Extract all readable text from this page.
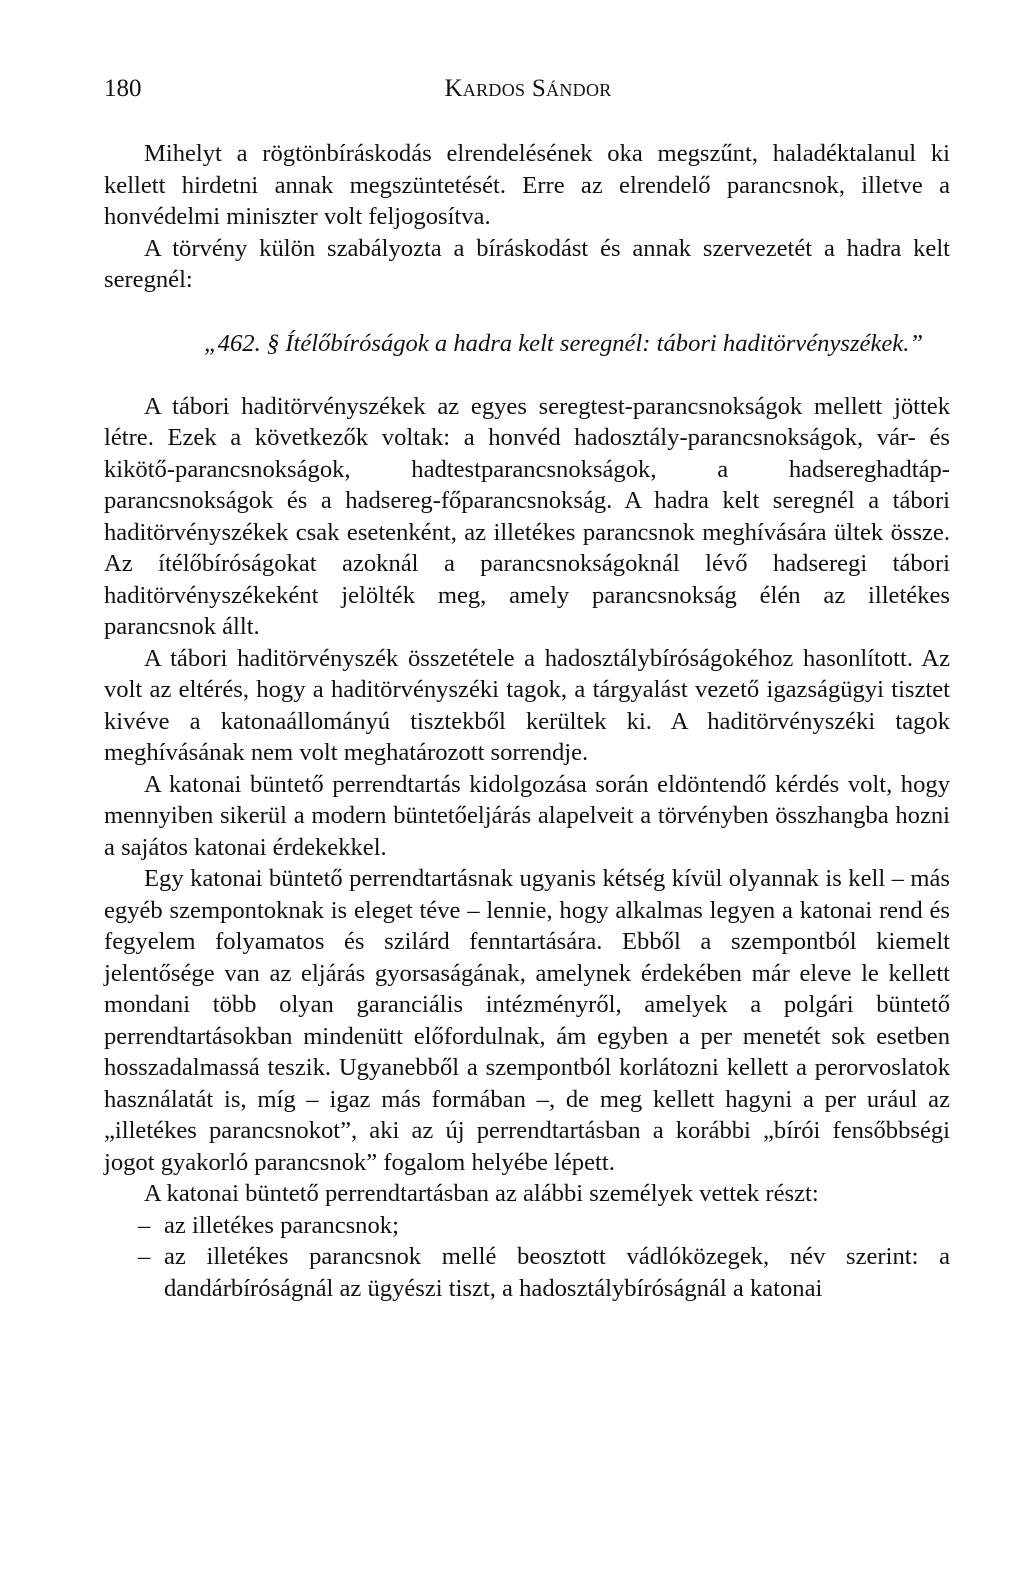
180	Kardos Sándor

Mihelyt a rögtönbíráskodás elrendelésének oka megszűnt, haladéktalanul ki kellett hirdetni annak megszüntetését. Erre az elrendelő parancsnok, illetve a honvédelmi miniszter volt feljogosítva.

A törvény külön szabályozta a bíráskodást és annak szervezetét a hadra kelt seregnél:

„462. § Ítélőbíróságok a hadra kelt seregnél: tábori haditörvényszékek.”

A tábori haditörvényszékek az egyes seregtest-parancsnokságok mellett jöttek létre. Ezek a következők voltak: a honvéd hadosztály-parancsnokságok, vár- és kikötő-parancsnokságok, hadtestparancsnokságok, a hadsereghadtáp-parancsnokságok és a hadsereg-főparancsnokság. A hadra kelt seregnél a tábori haditörvényszékek csak esetenként, az illetékes parancsnok meghívására ültek össze. Az ítélőbíróságokat azoknál a parancsnokságoknál lévő hadseregi tábori haditörvényszékeként jelölték meg, amely parancsnokság élén az illetékes parancsnok állt.

A tábori haditörvényszék összetétele a hadosztálybíróságokéhoz hasonlított. Az volt az eltérés, hogy a haditörvényszéki tagok, a tárgyalást vezető igazságügyi tisztet kivéve a katonaállományú tisztekből kerültek ki. A haditörvényszéki tagok meghívásának nem volt meghatározott sorrendje.

A katonai büntető perrendtartás kidolgozása során eldöntendő kérdés volt, hogy mennyiben sikerül a modern büntetőeljárás alapelveit a törvényben összhangba hozni a sajátos katonai érdekekkel.

Egy katonai büntető perrendtartásnak ugyanis kétség kívül olyannak is kell – más egyéb szempontoknak is eleget téve – lennie, hogy alkalmas legyen a katonai rend és fegyelem folyamatos és szilárd fenntartására. Ebből a szempontból kiemelt jelentősége van az eljárás gyorsaságának, amelynek érdekében már eleve le kellett mondani több olyan garanciális intézményről, amelyek a polgári büntető perrendtartásokban mindenütt előfordulnak, ám egyben a per menetét sok esetben hosszadalmassá teszik. Ugyanebből a szempontból korlátozni kellett a perorvoslatok használatát is, míg – igaz más formában –, de meg kellett hagyni a per urául az „illetékes parancsnokot”, aki az új perrendtartásban a korábbi „bírói fensőbbségi jogot gyakorló parancsnok” fogalom helyébe lépett.

A katonai büntető perrendtartásban az alábbi személyek vettek részt:

– az illetékes parancsnok;
– az illetékes parancsnok mellé beosztott vádlóközegek, név szerint: a dandárbíróságnál az ügyészi tiszt, a hadosztálybíróságnál a katonai
